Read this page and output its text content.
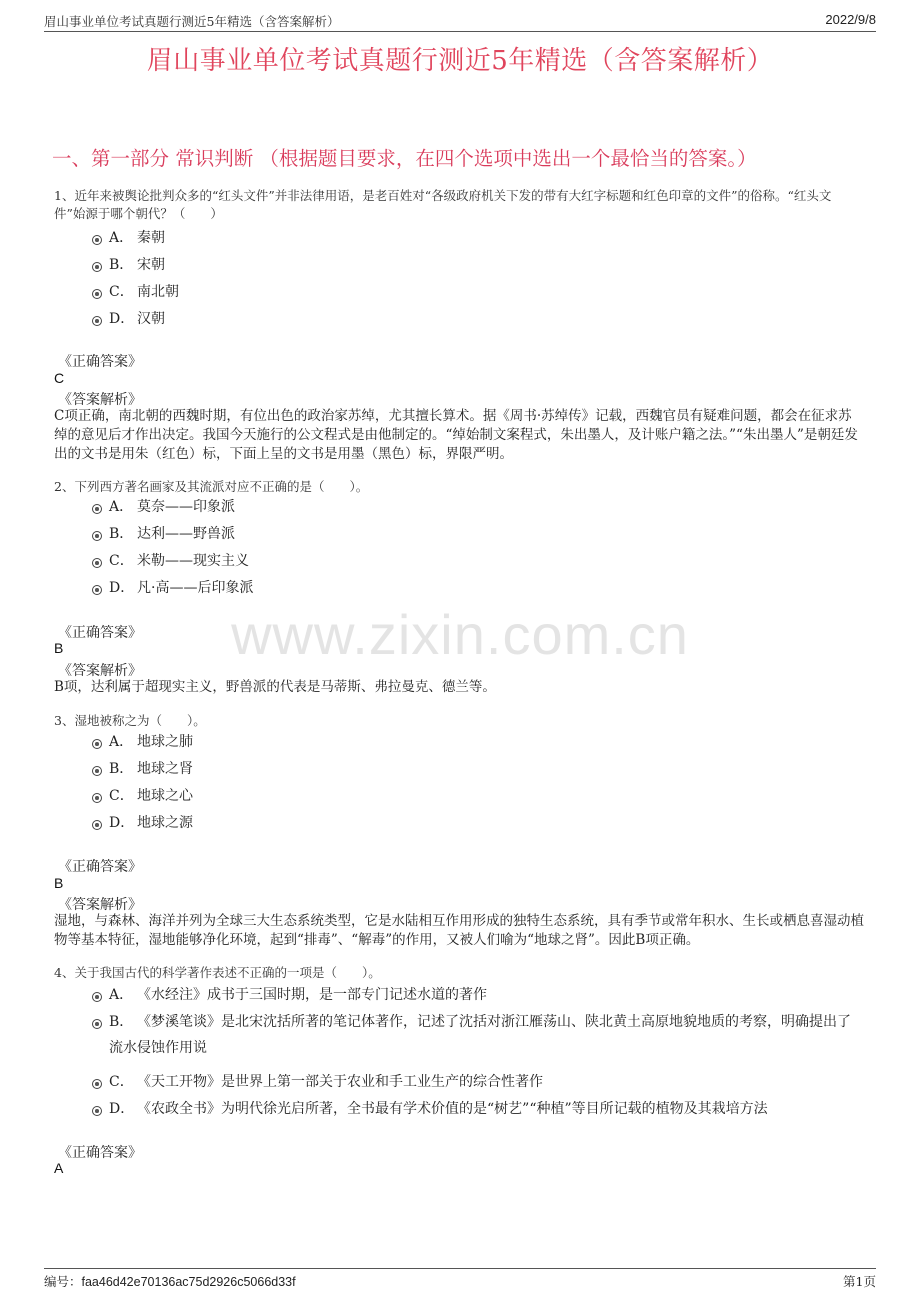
眉山事业单位考试真题行测近5年精选（含答案解析）	2022/9/8
眉山事业单位考试真题行测近5年精选（含答案解析）
一、第一部分 常识判断 （根据题目要求，在四个选项中选出一个最恰当的答案。）
www.zixin.com.cn
1、近年来被舆论批判众多的“红头文件”并非法律用语，是老百姓对“各级政府机关下发的带有大红字标题和红色印章的文件”的俗称。“红头文件”始源于哪个朝代？（　　）
A． 秦朝
B． 宋朝
C． 南北朝
D． 汉朝
《正确答案》
C
《答案解析》
C项正确，南北朝的西魏时期，有位出色的政治家苏绰，尤其擅长算术。据《周书·苏绰传》记载，西魏官员有疑难问题，都会在征求苏绰的意见后才作出决定。我国今天施行的公文程式是由他制定的。“绰始制文案程式，朱出墨人，及计账户籍之法。”“朱出墨人”是朝廷发出的文书是用朱（红色）标，下面上呈的文书是用墨（黑色）标，界限严明。
2、下列西方著名画家及其流派对应不正确的是（　　）。
A． 莫奈——印象派
B． 达利——野兽派
C． 米勒——现实主义
D． 凡·高——后印象派
《正确答案》
B
《答案解析》
B项，达利属于超现实主义，野兽派的代表是马蒂斯、弗拉曼克、德兰等。
3、湿地被称之为（　　）。
A． 地球之肺
B． 地球之肾
C． 地球之心
D． 地球之源
《正确答案》
B
《答案解析》
湿地，与森林、海洋并列为全球三大生态系统类型，它是水陆相互作用形成的独特生态系统，具有季节或常年积水、生长或栖息喜湿动植物等基本特征，湿地能够净化环境，起到“排毒”、“解毒”的作用，又被人们喻为“地球之肾”。因此B项正确。
4、关于我国古代的科学著作表述不正确的一项是（　　）。
A． 《水经注》成书于三国时期，是一部专门记述水道的著作
B． 《梦溪笔谈》是北宋沈括所著的笔记体著作，记述了沈括对浙江雁荡山、陕北黄土高原地貌地质的考察，明确提出了流水侵蚀作用说
C． 《天工开物》是世界上第一部关于农业和手工业生产的综合性著作
D． 《农政全书》为明代徐光启所著，全书最有学术价值的是“树艺”“种植”等目所记载的植物及其栽培方法
《正确答案》
A
编号：faa46d42e70136ac75d2926c5066d33f	第1页
